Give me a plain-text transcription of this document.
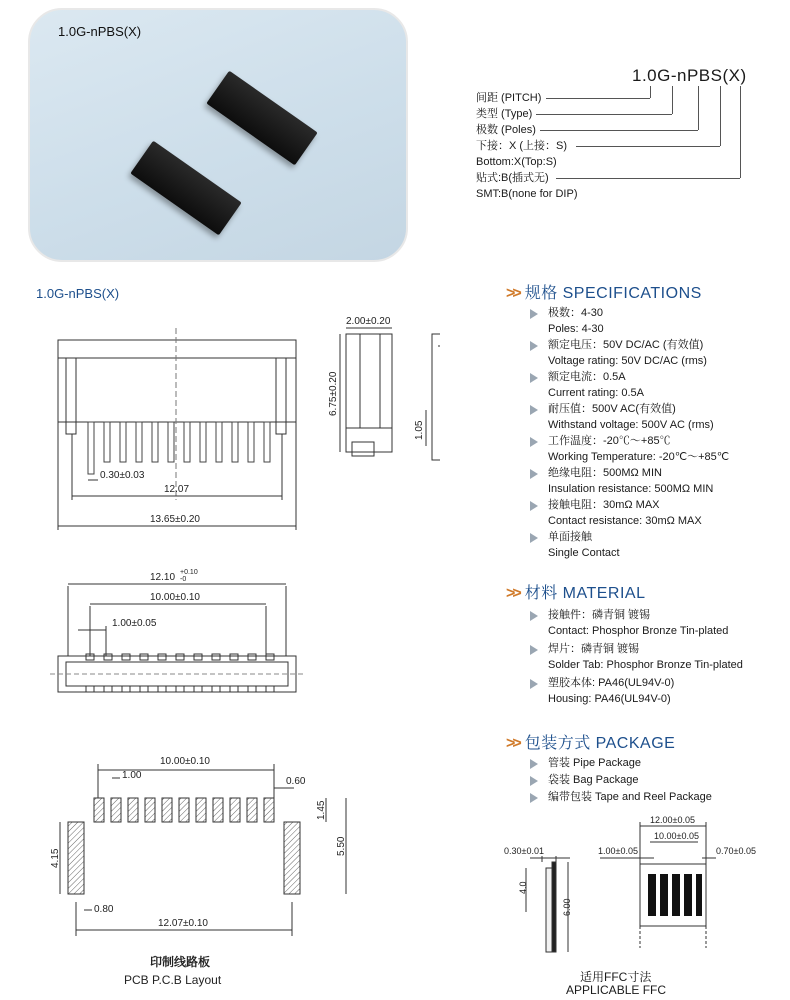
1.0G-nPBS(X)
1.0G-nPBS(X)
间距 (PITCH)
类型 (Type)
极数 (Poles)
下接：X (上接：S)
Bottom:X(Top:S)
贴式:B(插式无)
SMT:B(none for DIP)
1.0G-nPBS(X)
0.30±0.03
12.07
13.65±0.20
2.00±0.20
6.75±0.20
1.05
12.10 +0.10
-0
10.00±0.10
1.00±0.05
10.00±0.10
1.00
0.60
1.45
4.15
5.50
0.80
12.07±0.10
印制线路板
PCB P.C.B Layout
>> 规格 SPECIFICATIONS
极数：4-30
Poles: 4-30
额定电压：50V DC/AC (有效值)
Voltage rating: 50V DC/AC (rms)
额定电流：0.5A
Current rating: 0.5A
耐压值：500V AC(有效值)
Withstand voltage: 500V AC (rms)
工作温度：-20℃～+85℃
Working Temperature: -20℃～+85℃
绝缘电阻：500MΩ MIN
Insulation resistance: 500MΩ MIN
接触电阻：30mΩ MAX
Contact resistance: 30mΩ MAX
单面接触
Single Contact
>> 材料 MATERIAL
接触件：磷青铜 镀锡
Contact: Phosphor Bronze Tin-plated
焊片：磷青铜 镀锡
Solder Tab: Phosphor Bronze Tin-plated
塑胶本体: PA46(UL94V-0)
Housing: PA46(UL94V-0)
>> 包装方式 PACKAGE
管装 Pipe Package
袋装 Bag Package
编带包装 Tape and Reel Package
0.30±0.01
4.0
6.00
12.00±0.05
10.00±0.05
1.00±0.05	0.70±0.05
适用FFC寸法
APPLICABLE FFC
